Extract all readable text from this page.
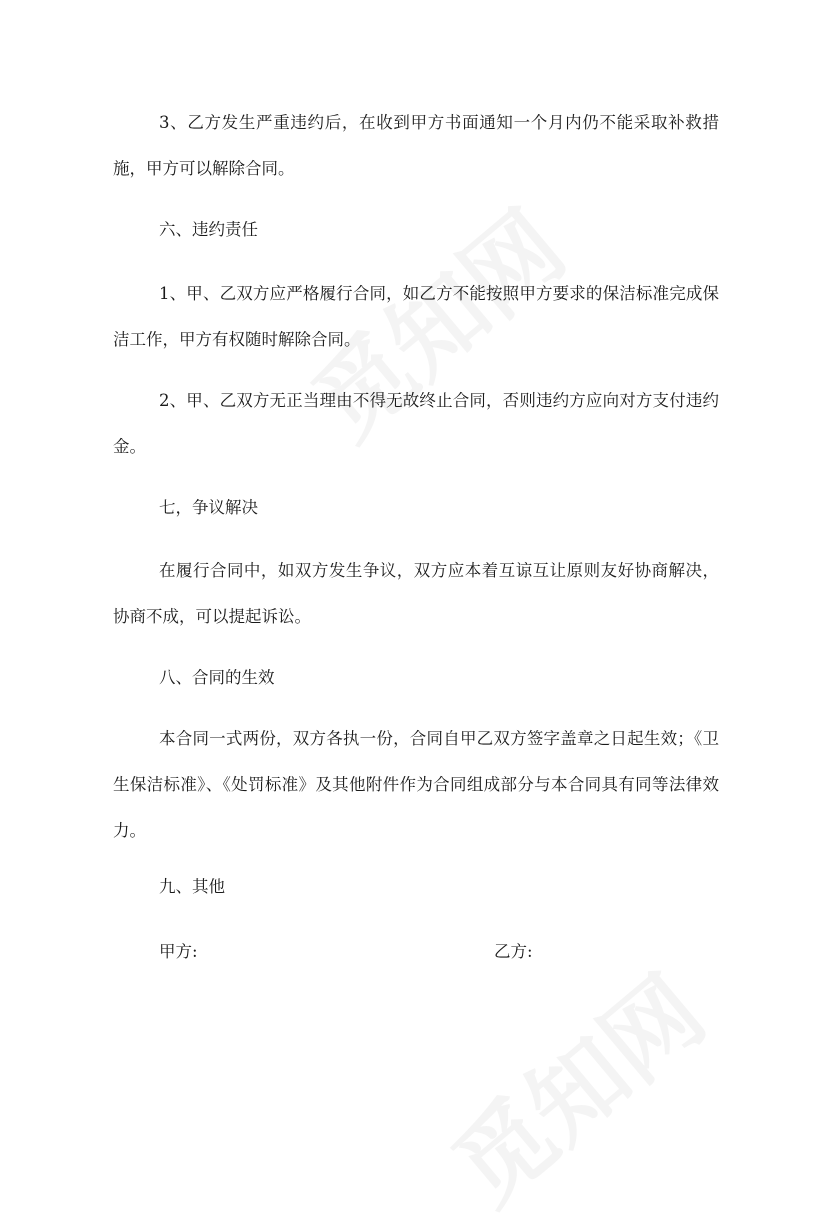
3、乙方发生严重违约后，在收到甲方书面通知一个月内仍不能采取补救措施，甲方可以解除合同。
六、违约责任
1、甲、乙双方应严格履行合同，如乙方不能按照甲方要求的保洁标准完成保洁工作，甲方有权随时解除合同。
2、甲、乙双方无正当理由不得无故终止合同，否则违约方应向对方支付违约金。
七，争议解决
在履行合同中，如双方发生争议，双方应本着互谅互让原则友好协商解决，协商不成，可以提起诉讼。
八、合同的生效
本合同一式两份，双方各执一份，合同自甲乙双方签字盖章之日起生效；《卫生保洁标准》、《处罚标准》及其他附件作为合同组成部分与本合同具有同等法律效力。
九、其他
甲方:	乙方:
